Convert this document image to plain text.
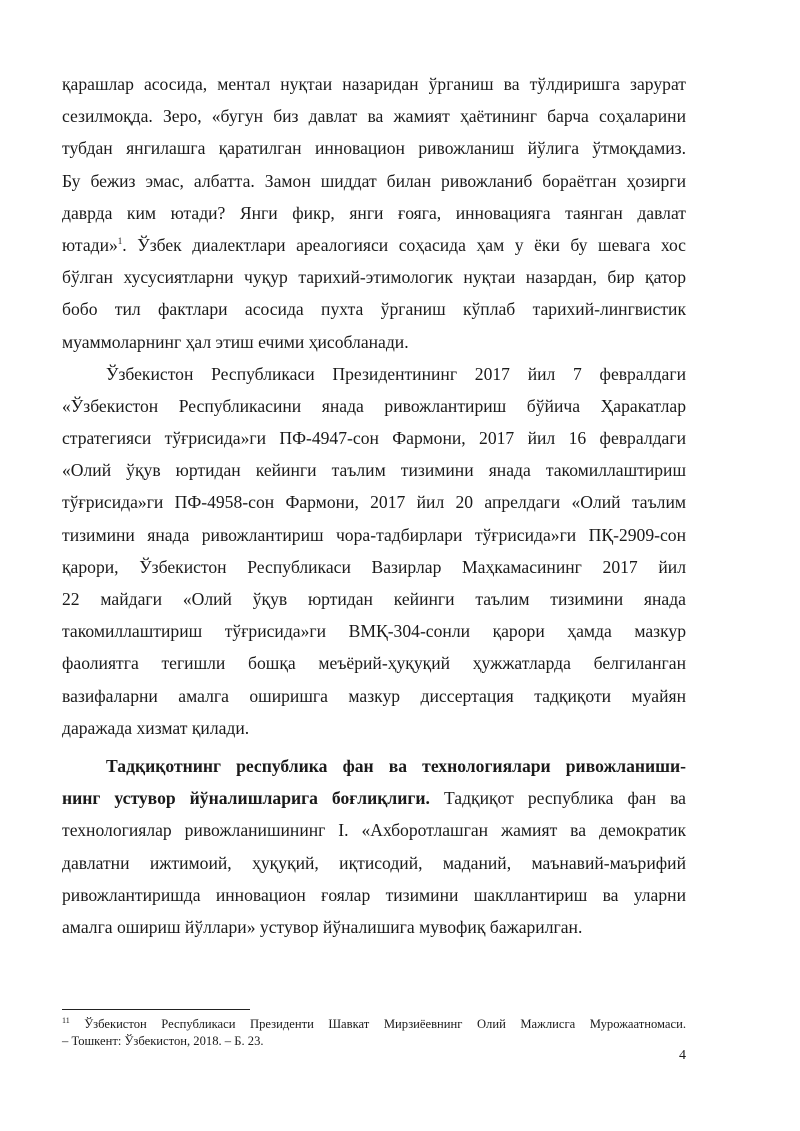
қарашлар асосида, ментал нуқтаи назаридан ўрганиш ва тўлдиришга зарурат
сезилмоқда. Зеро, «бугун биз давлат ва жамият ҳаётининг барча соҳаларини
тубдан янгилашга қаратилган инновацион ривожланиш йўлига ўтмоқдамиз.
Бу бежиз эмас, албатта. Замон шиддат билан ривожланиб бораётган ҳозирги
даврда ким ютади? Янги фикр, янги ғояга, инновацияга таянган давлат
ютади»$^1$. Ўзбек диалектлари ареалогияси соҳасида ҳам у ёки бу шевага хос
бўлган хусусиятларни чуқур тарихий-этимологик нуқтаи назардан, бир қатор
бобо тил фактлари асосида пухта ўрганиш кўплаб тарихий-лингвистик
муаммоларнинг ҳал этиш ечими ҳисобланади.
Ўзбекистон Республикаси Президентининг 2017 йил 7 февралдаги
«Ўзбекистон Республикасини янада ривожлантириш бўйича Ҳаракатлар
стратегияси тўғрисида»ги ПФ-4947-сон Фармони, 2017 йил 16 февралдаги
«Олий ўқув юртидан кейинги таълим тизимини янада такомиллаштириш
тўғрисида»ги ПФ-4958-сон Фармони, 2017 йил 20 апрелдаги «Олий таълим
тизимини янада ривожлантириш чора-тадбирлари тўғрисида»ги ПҚ-2909-сон
қарори, Ўзбекистон Республикаси Вазирлар Маҳкамасининг 2017 йил
22 майдаги «Олий ўқув юртидан кейинги таълим тизимини янада
такомиллаштириш тўғрисида»ги ВМҚ-304-сонли қарори ҳамда мазкур
фаолиятга тегишли бошқа меъёрий-ҳуқуқий ҳужжатларда белгиланган
вазифаларни амалга оширишга мазкур диссертация тадқиқоти муайян
даражада хизмат қилади.
Тадқиқотнинг республика фан ва технологиялари ривожланиши-
нинг устувор йўналишларига боғлиқлиги. Тадқиқот республика фан ва
технологиялар ривожланишининг I. «Ахборотлашган жамият ва демократик
давлатни ижтимоий, ҳуқуқий, иқтисодий, маданий, маънавий-маърифий
ривожлантиришда инновацион ғоялар тизимини шакллантириш ва уларни
амалга ошириш йўллари» устувор йўналишига мувофиқ бажарилган.
$^{11}$ Ўзбекистон Республикаси Президенти Шавкат Мирзиёевнинг Олий Мажлисга Мурожаатномаси.
– Тошкент: Ўзбекистон, 2018. – Б. 23.
4
